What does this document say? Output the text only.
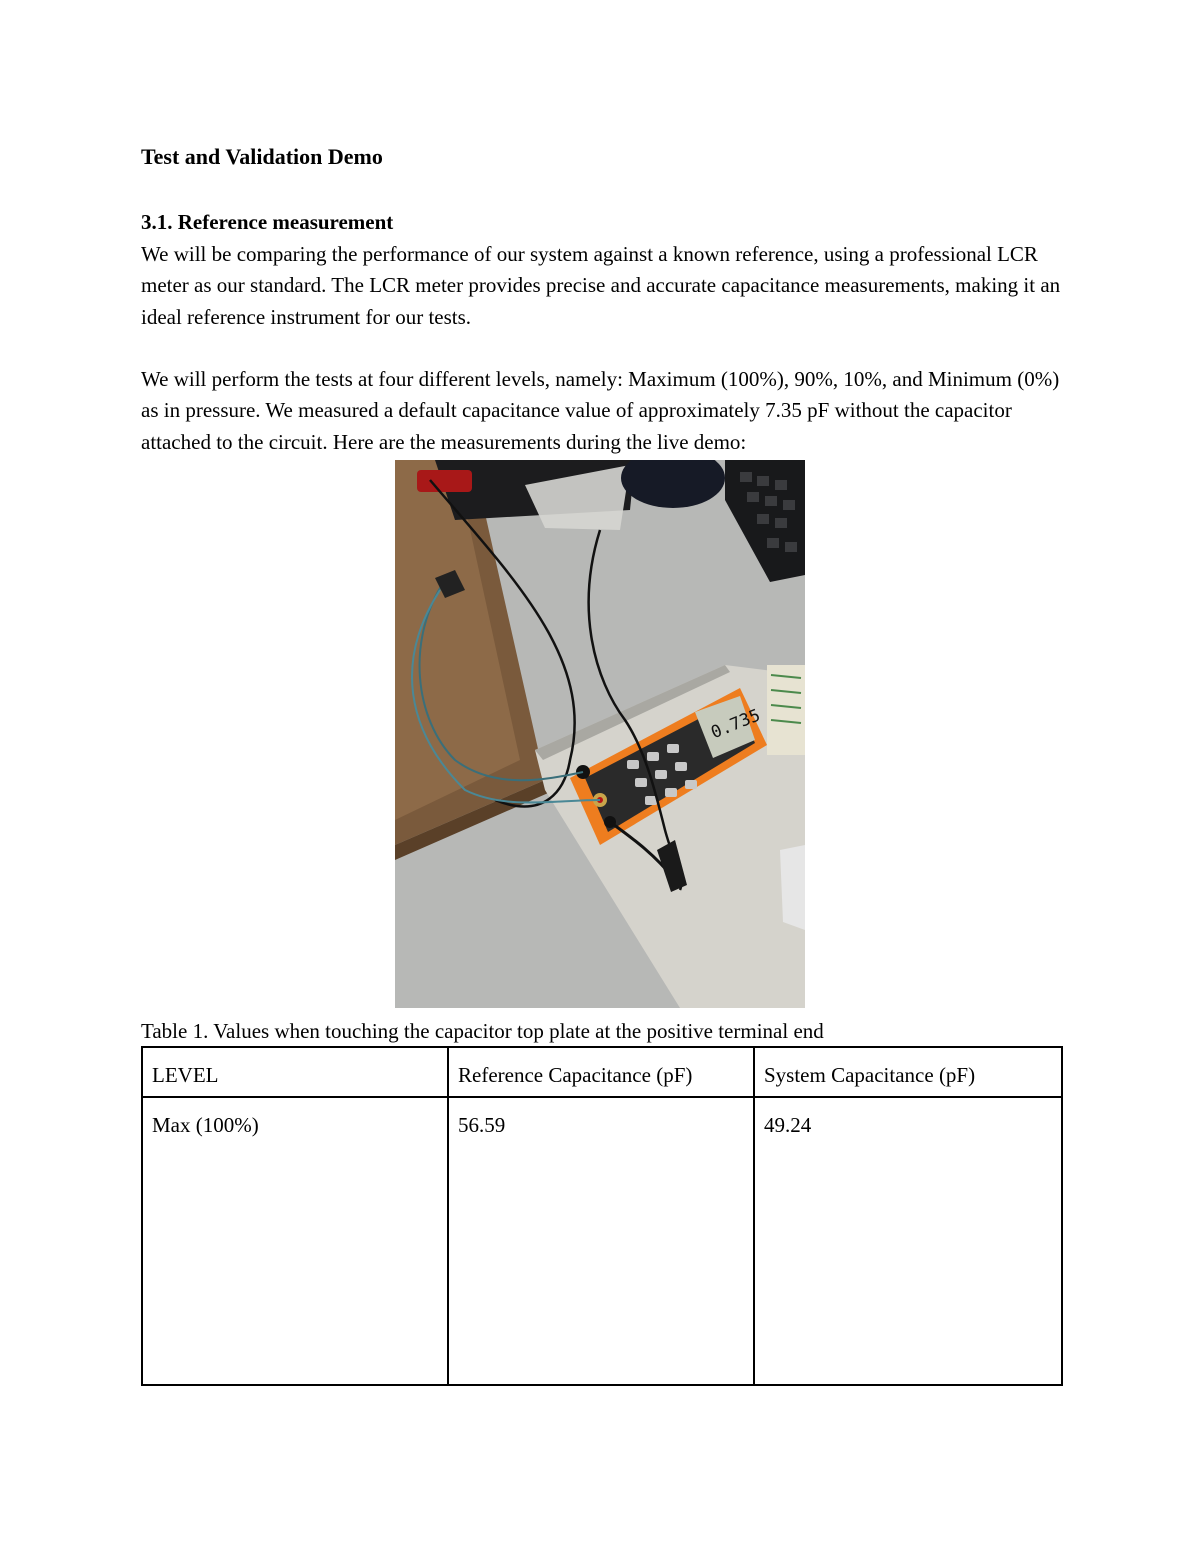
Test and Validation Demo
3.1. Reference measurement

We will be comparing the performance of our system against a known reference, using a professional LCR meter as our standard. The LCR meter provides precise and accurate capacitance measurements, making it an ideal reference instrument for our tests.

We will perform the tests at four different levels, namely: Maximum (100%), 90%, 10%, and Minimum (0%) as in pressure. We measured a default capacitance value of approximately 7.35 pF without the capacitor attached to the circuit. Here are the measurements during the live demo:

0.735

Table 1. Values when touching the capacitor top plate at the positive terminal end

LEVEL	Reference Capacitance (pF)	System Capacitance (pF)
Max (100%)	56.59	49.24
